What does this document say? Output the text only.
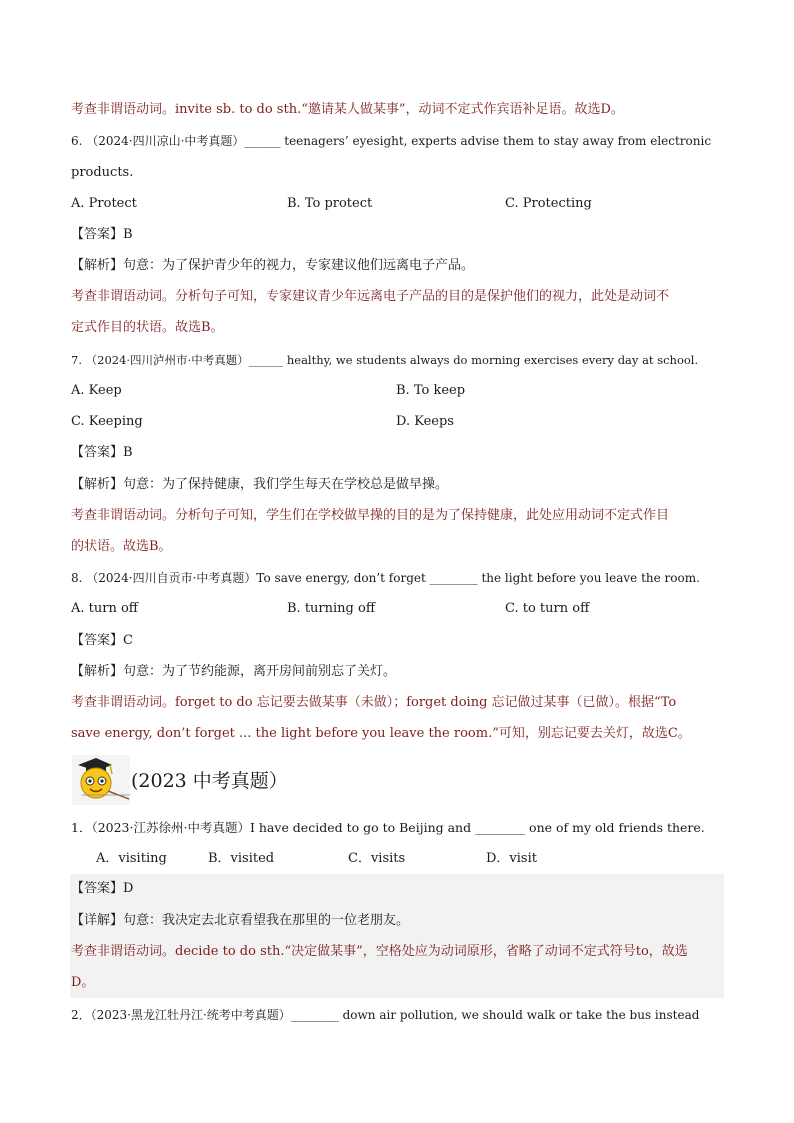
考查非谓语动词。invite sb. to do sth.“邀请某人做某事”，动词不定式作宾语补足语。故选D。
6. （2024·四川凉山·中考真题）______ teenagers’ eyesight, experts advise them to stay away from electronic
products.
A. Protect	B. To protect	C. Protecting
【答案】B
【解析】句意：为了保护青少年的视力，专家建议他们远离电子产品。
考查非谓语动词。分析句子可知，专家建议青少年远离电子产品的目的是保护他们的视力，此处是动词不
定式作目的状语。故选B。
7. （2024·四川泸州市·中考真题）______ healthy, we students always do morning exercises every day at school.
A. Keep	B. To keep
C. Keeping	D. Keeps
【答案】B
【解析】句意：为了保持健康，我们学生每天在学校总是做早操。
考查非谓语动词。分析句子可知，学生们在学校做早操的目的是为了保持健康，此处应用动词不定式作目
的状语。故选B。
8. （2024·四川自贡市·中考真题）To save energy, don’t forget ________ the light before you leave the room.
A. turn off	B. turning off	C. to turn off
【答案】C
【解析】句意：为了节约能源，离开房间前别忘了关灯。
考查非谓语动词。forget to do 忘记要去做某事（未做）；forget doing 忘记做过某事（已做）。根据“To
save energy, don’t forget ... the light before you leave the room.”可知，别忘记要去关灯，故选C。
(2023 中考真题）
1．（2023·江苏徐州·中考真题）I have decided to go to Beijing and ________ one of my old friends there.
A．visiting	B．visited	C．visits	D．visit
【答案】D
【详解】句意：我决定去北京看望我在那里的一位老朋友。
考查非谓语动词。decide to do sth.“决定做某事”，空格处应为动词原形，省略了动词不定式符号to，故选
D。
2．（2023·黑龙江牡丹江·统考中考真题）________ down air pollution, we should walk or take the bus instead
